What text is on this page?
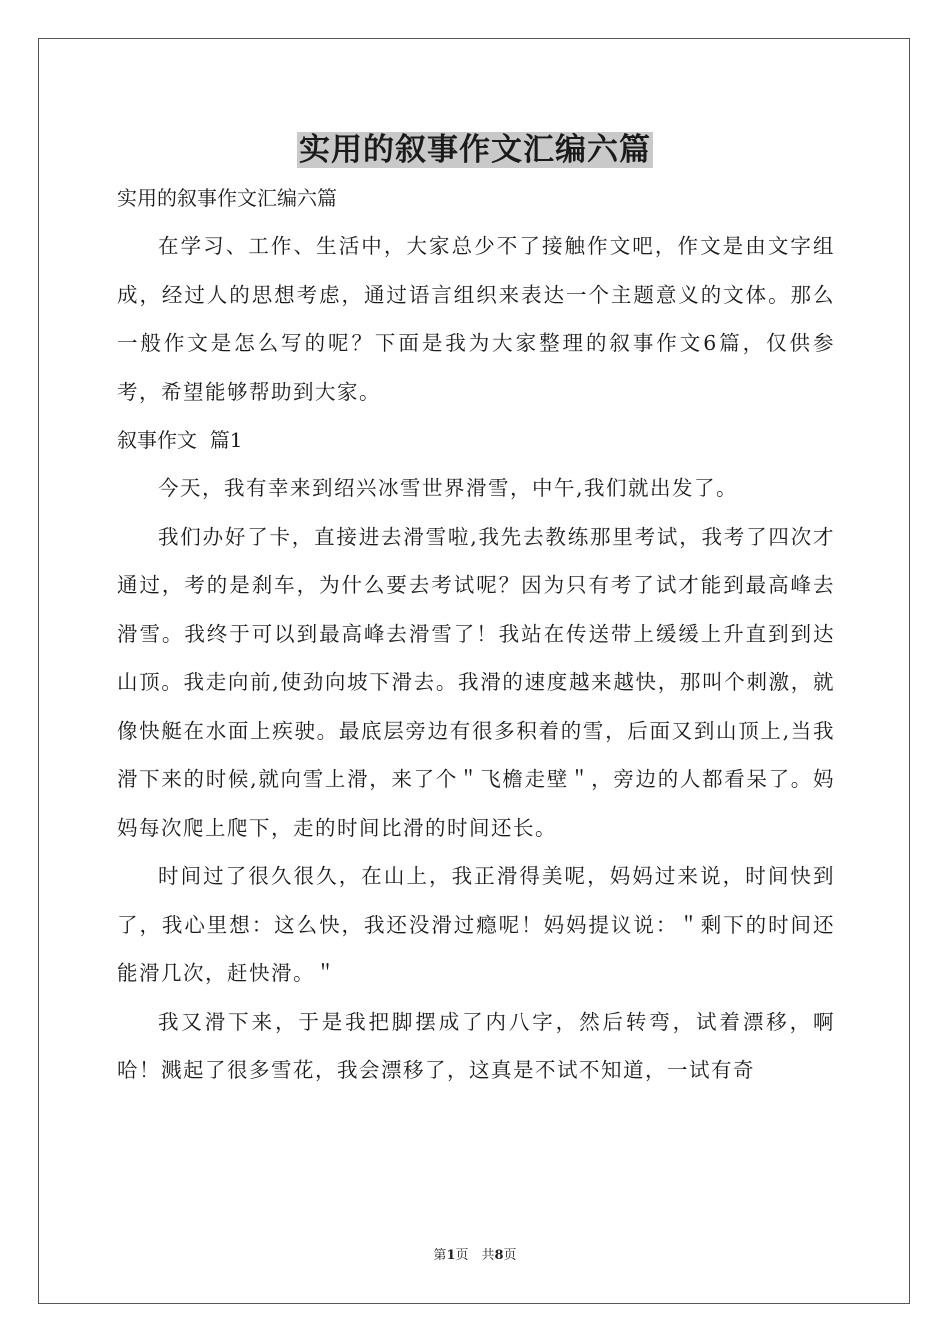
实用的叙事作文汇编六篇

实用的叙事作文汇编六篇

在学习、工作、生活中，大家总少不了接触作文吧，作文是由文字组成，经过人的思想考虑，通过语言组织来表达一个主题意义的文体。那么一般作文是怎么写的呢？下面是我为大家整理的叙事作文6篇，仅供参考，希望能够帮助到大家。

叙事作文  篇1

今天，我有幸来到绍兴冰雪世界滑雪，中午,我们就出发了。

我们办好了卡，直接进去滑雪啦,我先去教练那里考试，我考了四次才通过，考的是刹车，为什么要去考试呢？因为只有考了试才能到最高峰去滑雪。我终于可以到最高峰去滑雪了！我站在传送带上缓缓上升直到到达山顶。我走向前,使劲向坡下滑去。我滑的速度越来越快，那叫个刺激，就像快艇在水面上疾驶。最底层旁边有很多积着的雪，后面又到山顶上,当我滑下来的时候,就向雪上滑，来了个＂飞檐走壁＂，旁边的人都看呆了。妈妈每次爬上爬下，走的时间比滑的时间还长。

时间过了很久很久，在山上，我正滑得美呢，妈妈过来说，时间快到了，我心里想：这么快，我还没滑过瘾呢！妈妈提议说：＂剩下的时间还能滑几次，赶快滑。＂

我又滑下来，于是我把脚摆成了内八字，然后转弯，试着漂移，啊哈！溅起了很多雪花，我会漂移了，这真是不试不知道，一试有奇

第1页　共8页
